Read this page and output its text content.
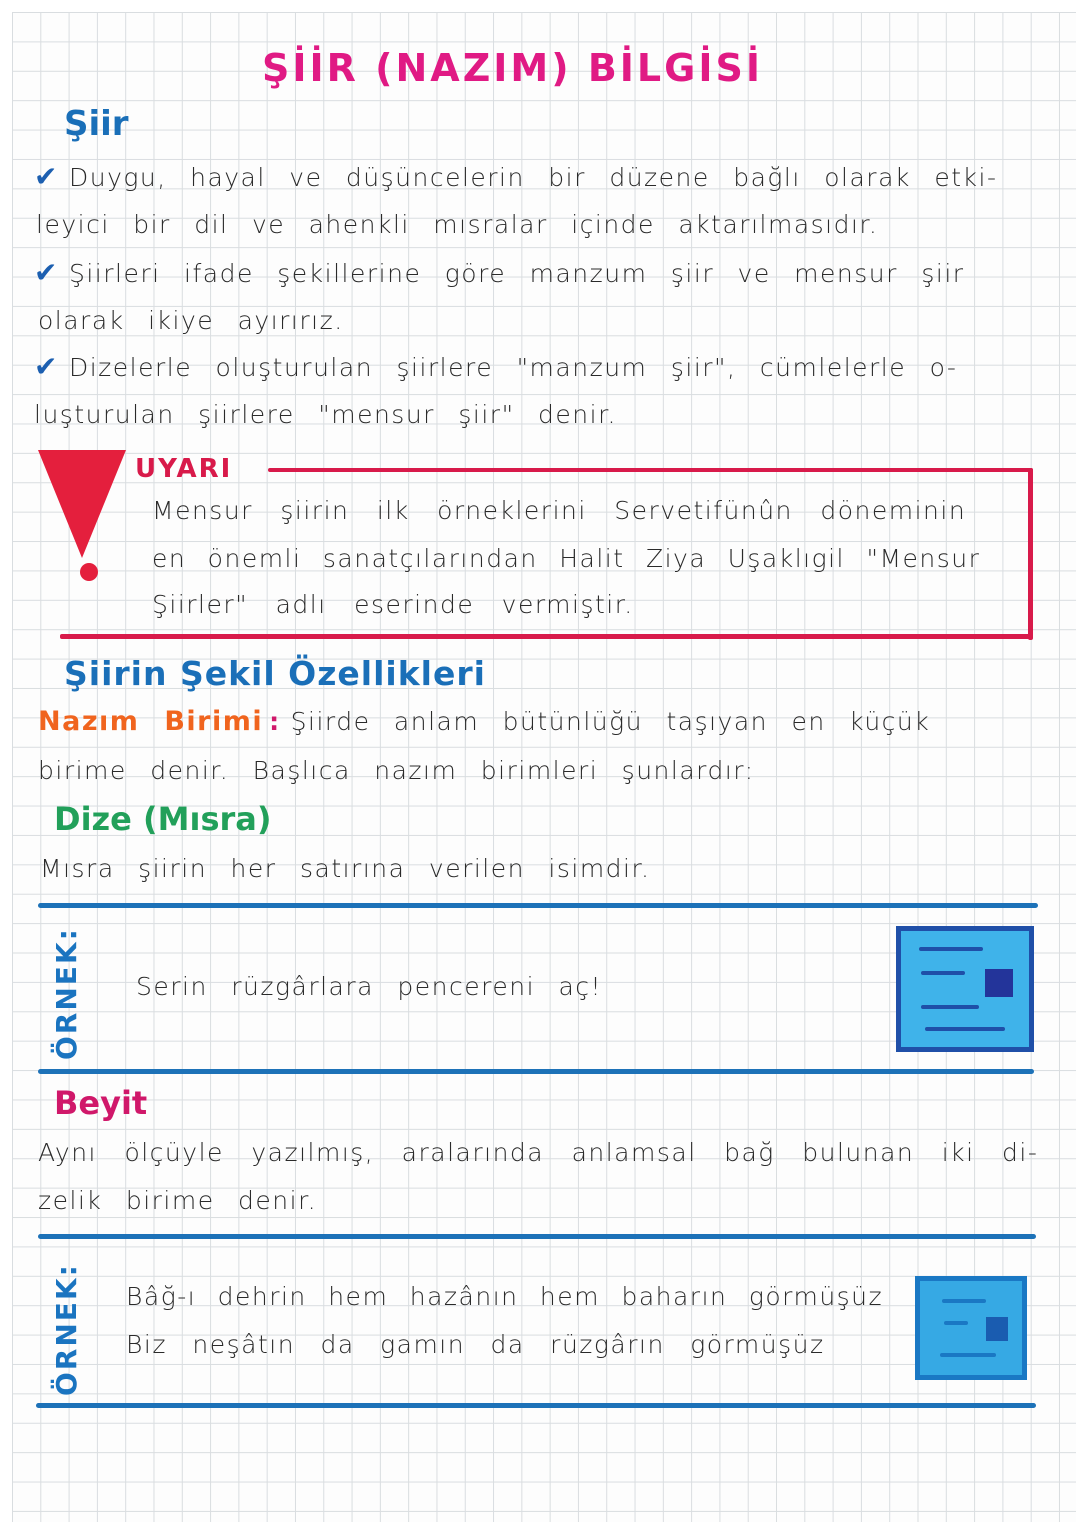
ŞİİR (NAZIM) BİLGİSİ
Şiir
✔ Duygu, hayal ve düşüncelerin bir düzene bağlı olarak etki-
leyici bir dil ve ahenkli mısralar içinde aktarılmasıdır.
✔ Şiirleri ifade şekillerine göre manzum şiir ve mensur şiir
olarak ikiye ayırırız.
✔ Dizelerle oluşturulan şiirlere "manzum şiir", cümlelerle o-
luşturulan şiirlere "mensur şiir" denir.
UYARI
Mensur şiirin ilk örneklerini Servetifünûn döneminin
en önemli sanatçılarından Halit Ziya Uşaklıgil "Mensur
Şiirler" adlı eserinde vermiştir.
Şiirin Şekil Özellikleri
Nazım Birimi : Şiirde anlam bütünlüğü taşıyan en küçük
birime denir. Başlıca nazım birimleri şunlardır:
Dize (Mısra)
Mısra şiirin her satırına verilen isimdir.
ÖRNEK: Serin rüzgârlara pencereni aç!
Beyit
Aynı ölçüyle yazılmış, aralarında anlamsal bağ bulunan iki di-
zelik birime denir.
ÖRNEK: Bâğ-ı dehrin hem hazânın hem baharın görmüşüz
Biz neşâtın da gamın da rüzgârın görmüşüz
